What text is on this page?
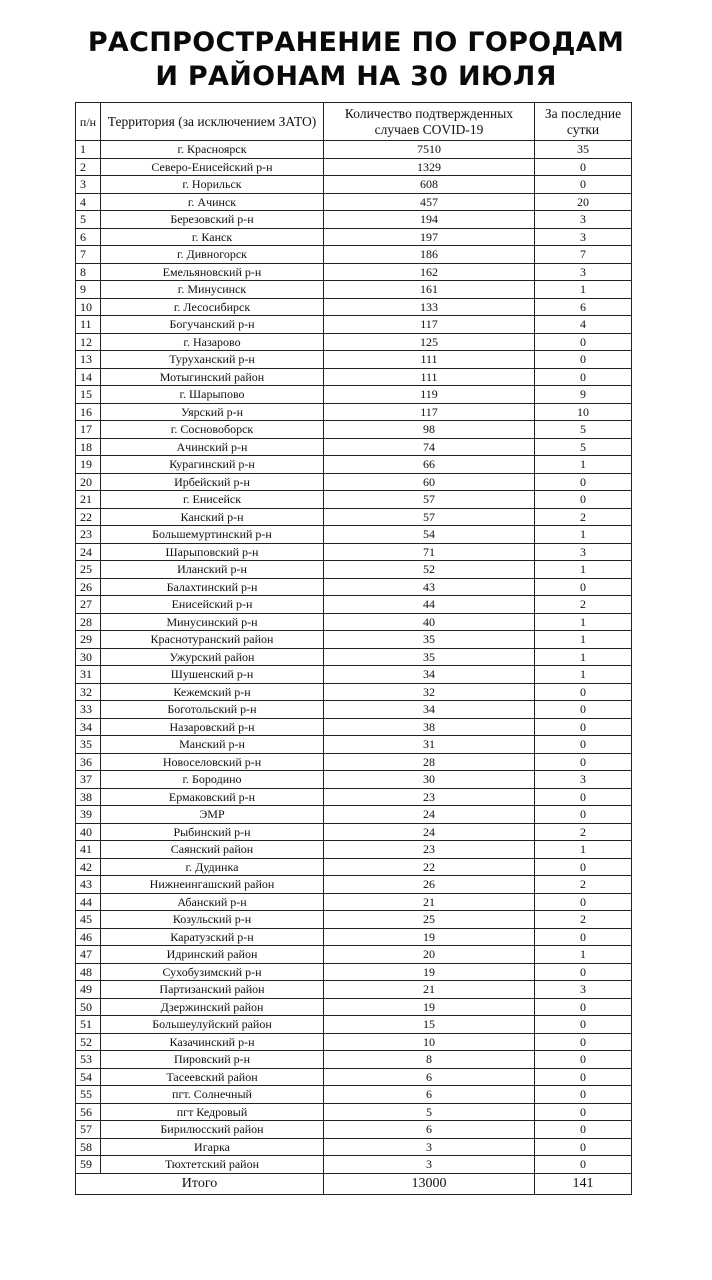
РАСПРОСТРАНЕНИЕ ПО ГОРОДАМ
И РАЙОНАМ НА 30 ИЮЛЯ
п/н	Территория (за исключением ЗАТО)	Количество подтвержденных случаев COVID-19	За последние сутки
1	г. Красноярск	7510	35
2	Северо-Енисейский р-н	1329	0
3	г. Норильск	608	0
4	г. Ачинск	457	20
5	Березовский р-н	194	3
6	г. Канск	197	3
7	г. Дивногорск	186	7
8	Емельяновский р-н	162	3
9	г. Минусинск	161	1
10	г. Лесосибирск	133	6
11	Богучанский р-н	117	4
12	г. Назарово	125	0
13	Туруханский р-н	111	0
14	Мотыгинский район	111	0
15	г. Шарыпово	119	9
16	Уярский р-н	117	10
17	г. Сосновоборск	98	5
18	Ачинский р-н	74	5
19	Курагинский р-н	66	1
20	Ирбейский р-н	60	0
21	г. Енисейск	57	0
22	Канский р-н	57	2
23	Большемуртинский р-н	54	1
24	Шарыповский р-н	71	3
25	Иланский р-н	52	1
26	Балахтинский р-н	43	0
27	Енисейский р-н	44	2
28	Минусинский р-н	40	1
29	Краснотуранский район	35	1
30	Ужурский район	35	1
31	Шушенский р-н	34	1
32	Кежемский р-н	32	0
33	Боготольский р-н	34	0
34	Назаровский р-н	38	0
35	Манский р-н	31	0
36	Новоселовский р-н	28	0
37	г. Бородино	30	3
38	Ермаковский р-н	23	0
39	ЭМР	24	0
40	Рыбинский р-н	24	2
41	Саянский район	23	1
42	г. Дудинка	22	0
43	Нижнеингашский район	26	2
44	Абанский р-н	21	0
45	Козульский р-н	25	2
46	Каратузский р-н	19	0
47	Идринский район	20	1
48	Сухобузимский р-н	19	0
49	Партизанский район	21	3
50	Дзержинский район	19	0
51	Большеулуйский район	15	0
52	Казачинский р-н	10	0
53	Пировский р-н	8	0
54	Тасеевский район	6	0
55	пгт. Солнечный	6	0
56	пгт Кедровый	5	0
57	Бирилюсский район	6	0
58	Игарка	3	0
59	Тюхтетский район	3	0
Итого		13000	141
